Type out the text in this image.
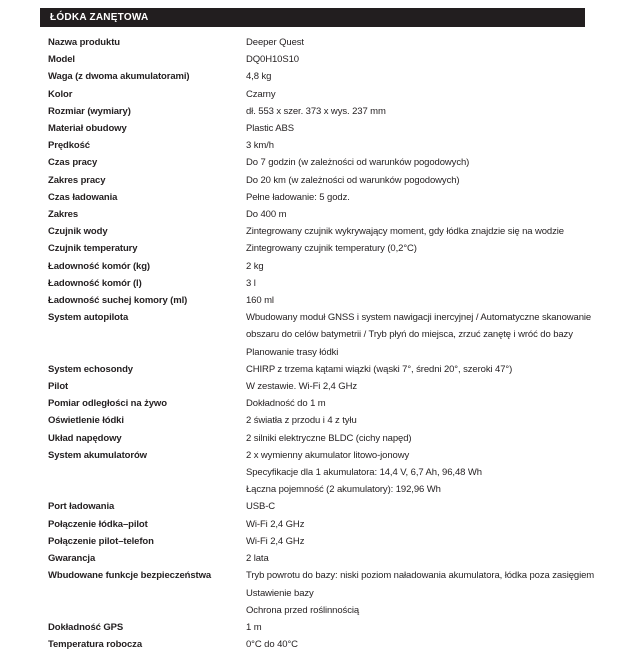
ŁÓDKA ZANĘTOWA
Nazwa produktu	Deeper Quest
Model	DQ0H10S10
Waga (z dwoma akumulatorami)	4,8 kg
Kolor	Czarny
Rozmiar (wymiary)	dł. 553 x szer. 373 x wys. 237 mm
Materiał obudowy	Plastic ABS
Prędkość	3 km/h
Czas pracy	Do 7 godzin (w zależności od warunków pogodowych)
Zakres pracy	Do 20 km (w zależności od warunków pogodowych)
Czas ładowania	Pełne ładowanie: 5 godz.
Zakres	Do 400 m
Czujnik wody	Zintegrowany czujnik wykrywający moment, gdy łódka znajdzie się na wodzie
Czujnik temperatury	Zintegrowany czujnik temperatury (0,2°C)
Ładowność komór (kg)	2 kg
Ładowność komór (l)	3 l
Ładowność suchej komory (ml)	160 ml
System autopilota	Wbudowany moduł GNSS i system nawigacji inercyjnej / Automatyczne skanowanie
obszaru do celów batymetrii / Tryb płyń do miejsca, zrzuć zanętę i wróć do bazy
Planowanie trasy łódki
System echosondy	CHIRP z trzema kątami wiązki (wąski 7°, średni 20°, szeroki 47°)
Pilot	W zestawie. Wi-Fi 2,4 GHz
Pomiar odległości na żywo	Dokładność do 1 m
Oświetlenie łódki	2 światła z przodu i 4 z tyłu
Układ napędowy	2 silniki elektryczne BLDC (cichy napęd)
System akumulatorów	2 x wymienny akumulator litowo-jonowy
Specyfikacje dla 1 akumulatora: 14,4 V, 6,7 Ah, 96,48 Wh
Łączna pojemność (2 akumulatory): 192,96 Wh
Port ładowania	USB-C
Połączenie łódka–pilot	Wi-Fi 2,4 GHz
Połączenie pilot–telefon	Wi-Fi 2,4 GHz
Gwarancja	2 lata
Wbudowane funkcje bezpieczeństwa	Tryb powrotu do bazy: niski poziom naładowania akumulatora, łódka poza zasięgiem
Ustawienie bazy
Ochrona przed roślinnością
Dokładność GPS	1 m
Temperatura robocza	0°C do 40°C
